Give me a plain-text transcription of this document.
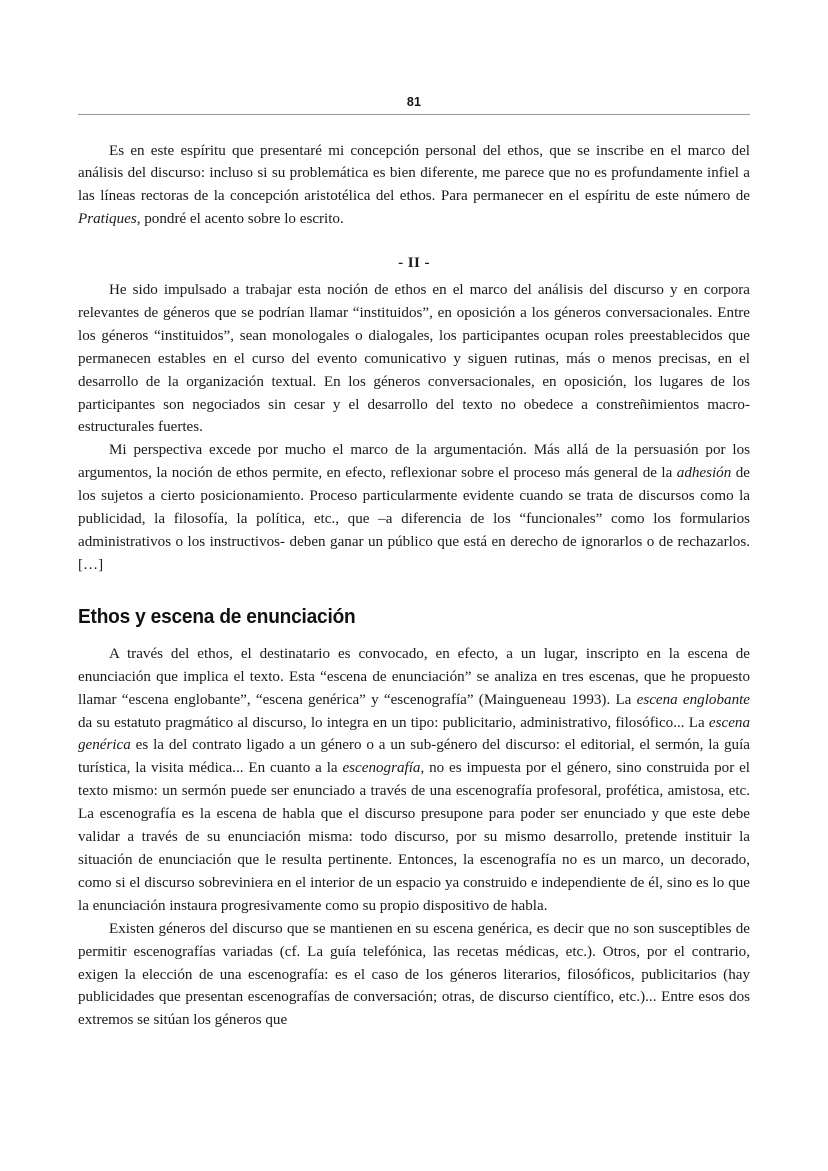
81

Es en este espíritu que presentaré mi concepción personal del ethos, que se inscribe en el marco del análisis del discurso: incluso si su problemática es bien diferente, me parece que no es profundamente infiel a las líneas rectoras de la concepción aristotélica del ethos. Para permanecer en el espíritu de este número de Pratiques, pondré el acento sobre lo escrito.

- II -

He sido impulsado a trabajar esta noción de ethos en el marco del análisis del discurso y en corpora relevantes de géneros que se podrían llamar “instituidos”, en oposición a los géneros conversacionales. Entre los géneros “instituidos”, sean monologales o dialogales, los participantes ocupan roles preestablecidos que permanecen estables en el curso del evento comunicativo y siguen rutinas, más o menos precisas, en el desarrollo de la organización textual. En los géneros conversacionales, en oposición, los lugares de los participantes son negociados sin cesar y el desarrollo del texto no obedece a constreñimientos macro-estructurales fuertes.

Mi perspectiva excede por mucho el marco de la argumentación. Más allá de la persuasión por los argumentos, la noción de ethos permite, en efecto, reflexionar sobre el proceso más general de la adhesión de los sujetos a cierto posicionamiento. Proceso particularmente evidente cuando se trata de discursos como la publicidad, la filosofía, la política, etc., que –a diferencia de los “funcionales” como los formularios administrativos o los instructivos- deben ganar un público que está en derecho de ignorarlos o de rechazarlos. […]

Ethos y escena de enunciación

A través del ethos, el destinatario es convocado, en efecto, a un lugar, inscripto en la escena de enunciación que implica el texto. Esta “escena de enunciación” se analiza en tres escenas, que he propuesto llamar “escena englobante”, “escena genérica” y “escenografía” (Maingueneau 1993). La escena englobante da su estatuto pragmático al discurso, lo integra en un tipo: publicitario, administrativo, filosófico... La escena genérica es la del contrato ligado a un género o a un sub-género del discurso: el editorial, el sermón, la guía turística, la visita médica... En cuanto a la escenografía, no es impuesta por el género, sino construida por el texto mismo: un sermón puede ser enunciado a través de una escenografía profesoral, profética, amistosa, etc. La escenografía es la escena de habla que el discurso presupone para poder ser enunciado y que este debe validar a través de su enunciación misma: todo discurso, por su mismo desarrollo, pretende instituir la situación de enunciación que le resulta pertinente. Entonces, la escenografía no es un marco, un decorado, como si el discurso sobreviniera en el interior de un espacio ya construido e independiente de él, sino es lo que la enunciación instaura progresivamente como su propio dispositivo de habla.

Existen géneros del discurso que se mantienen en su escena genérica, es decir que no son susceptibles de permitir escenografías variadas (cf. La guía telefónica, las recetas médicas, etc.). Otros, por el contrario, exigen la elección de una escenografía: es el caso de los géneros literarios, filosóficos, publicitarios (hay publicidades que presentan escenografías de conversación; otras, de discurso científico, etc.)... Entre esos dos extremos se sitúan los géneros que
